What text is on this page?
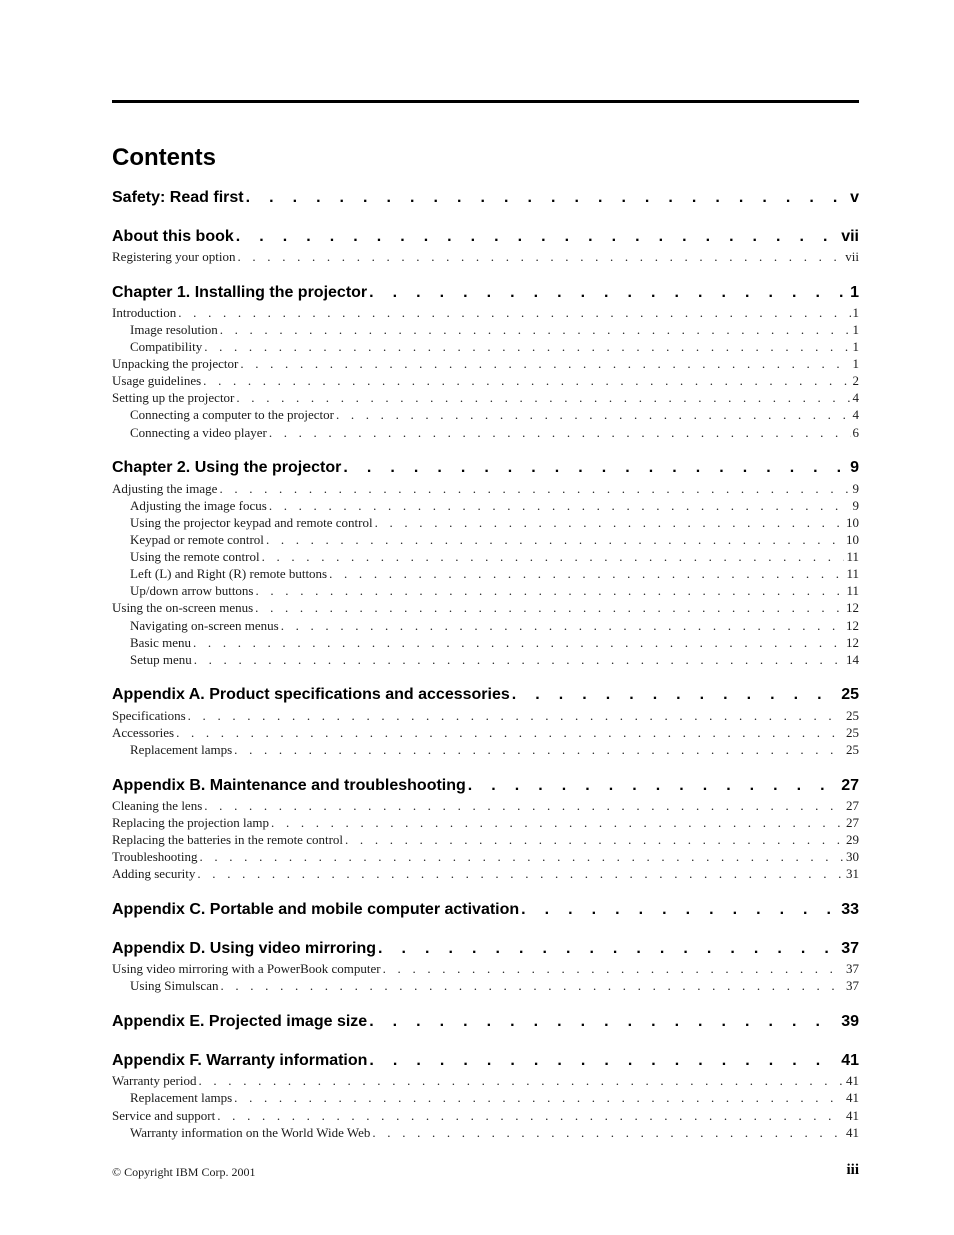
Contents
Safety: Read first . . .	v
About this book . . .	vii
Registering your option . . .	vii
Chapter 1. Installing the projector . . .	1
Introduction . . .	1
Image resolution . . .	1
Compatibility . . .	1
Unpacking the projector . . .	1
Usage guidelines . . .	2
Setting up the projector . . .	4
Connecting a computer to the projector . . .	4
Connecting a video player . . .	6
Chapter 2. Using the projector . . .	9
Adjusting the image . . .	9
Adjusting the image focus . . .	9
Using the projector keypad and remote control . . .	10
Keypad or remote control . . .	10
Using the remote control . . .	11
Left (L) and Right (R) remote buttons . . .	11
Up/down arrow buttons . . .	11
Using the on-screen menus . . .	12
Navigating on-screen menus . . .	12
Basic menu . . .	12
Setup menu . . .	14
Appendix A. Product specifications and accessories . . .	25
Specifications . . .	25
Accessories . . .	25
Replacement lamps . . .	25
Appendix B. Maintenance and troubleshooting . . .	27
Cleaning the lens . . .	27
Replacing the projection lamp . . .	27
Replacing the batteries in the remote control . . .	29
Troubleshooting . . .	30
Adding security . . .	31
Appendix C. Portable and mobile computer activation . . .	33
Appendix D. Using video mirroring . . .	37
Using video mirroring with a PowerBook computer . . .	37
Using Simulscan . . .	37
Appendix E. Projected image size . . .	39
Appendix F. Warranty information . . .	41
Warranty period . . .	41
Replacement lamps . . .	41
Service and support . . .	41
Warranty information on the World Wide Web . . .	41
© Copyright IBM Corp. 2001	iii
